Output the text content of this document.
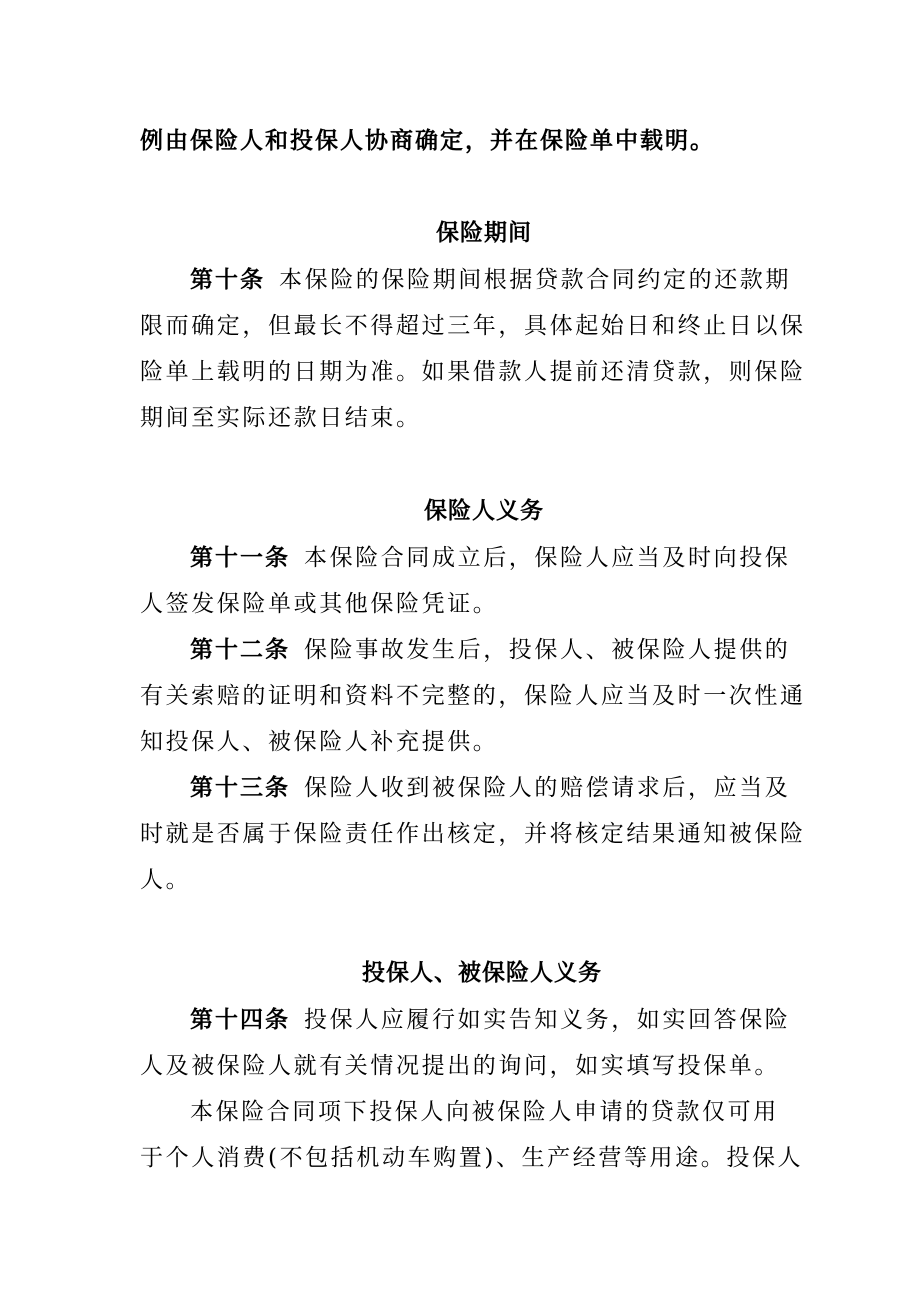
例由保险人和投保人协商确定，并在保险单中载明。
保险期间
第十条 本保险的保险期间根据贷款合同约定的还款期
限而确定，但最长不得超过三年，具体起始日和终止日以保
险单上载明的日期为准。如果借款人提前还清贷款，则保险
期间至实际还款日结束。
保险人义务
第十一条 本保险合同成立后，保险人应当及时向投保
人签发保险单或其他保险凭证。
第十二条 保险事故发生后，投保人、被保险人提供的
有关索赔的证明和资料不完整的，保险人应当及时一次性通
知投保人、被保险人补充提供。
第十三条 保险人收到被保险人的赔偿请求后，应当及
时就是否属于保险责任作出核定，并将核定结果通知被保险
人。
投保人、被保险人义务
第十四条 投保人应履行如实告知义务，如实回答保险
人及被保险人就有关情况提出的询问，如实填写投保单。
本保险合同项下投保人向被保险人申请的贷款仅可用
于个人消费(不包括机动车购置)、生产经营等用途。投保人
